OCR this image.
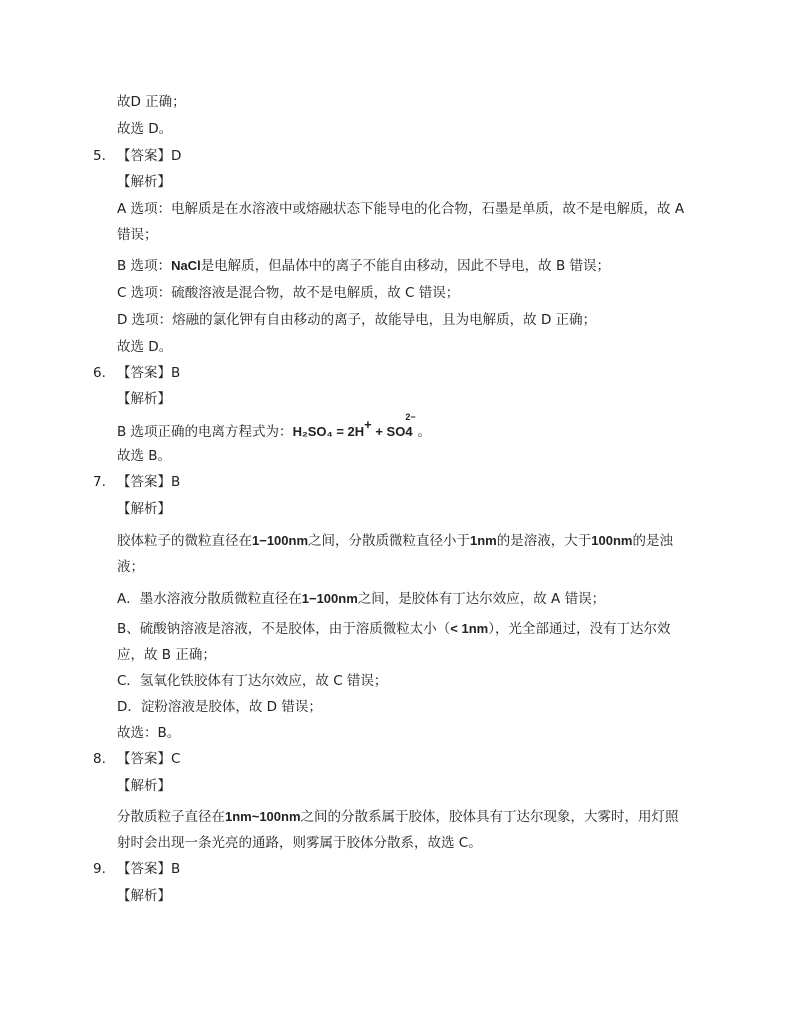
故D 正确；
故选 D。
5. 【答案】D
【解析】
A 选项：电解质是在水溶液中或熔融状态下能导电的化合物，石墨是单质，故不是电解质，故 A
错误；
B 选项：NaCl是电解质，但晶体中的离子不能自由移动，因此不导电，故 B 错误；
C 选项：硫酸溶液是混合物，故不是电解质，故 C 错误；
D 选项：熔融的氯化钾有自由移动的离子，故能导电，且为电解质，故 D 正确；
故选 D。
6. 【答案】B
【解析】
B 选项正确的电离方程式为：H₂SO₄ = 2H+ + SO
2−
4 。
故选 B。
7. 【答案】B
【解析】
胶体粒子的微粒直径在1−100nm之间，分散质微粒直径小于1nm的是溶液，大于100nm的是浊
液；
A．墨水溶液分散质微粒直径在1−100nm之间，是胶体有丁达尔效应，故 A 错误；
B、硫酸钠溶液是溶液，不是胶体，由于溶质微粒太小（< 1nm），光全部通过，没有丁达尔效
应，故 B 正确；
C．氢氧化铁胶体有丁达尔效应，故 C 错误；
D．淀粉溶液是胶体，故 D 错误；
故选：B。
8. 【答案】C
【解析】
分散质粒子直径在1nm~100nm之间的分散系属于胶体，胶体具有丁达尔现象，大雾时，用灯照
射时会出现一条光亮的通路，则雾属于胶体分散系，故选 C。
9. 【答案】B
【解析】
